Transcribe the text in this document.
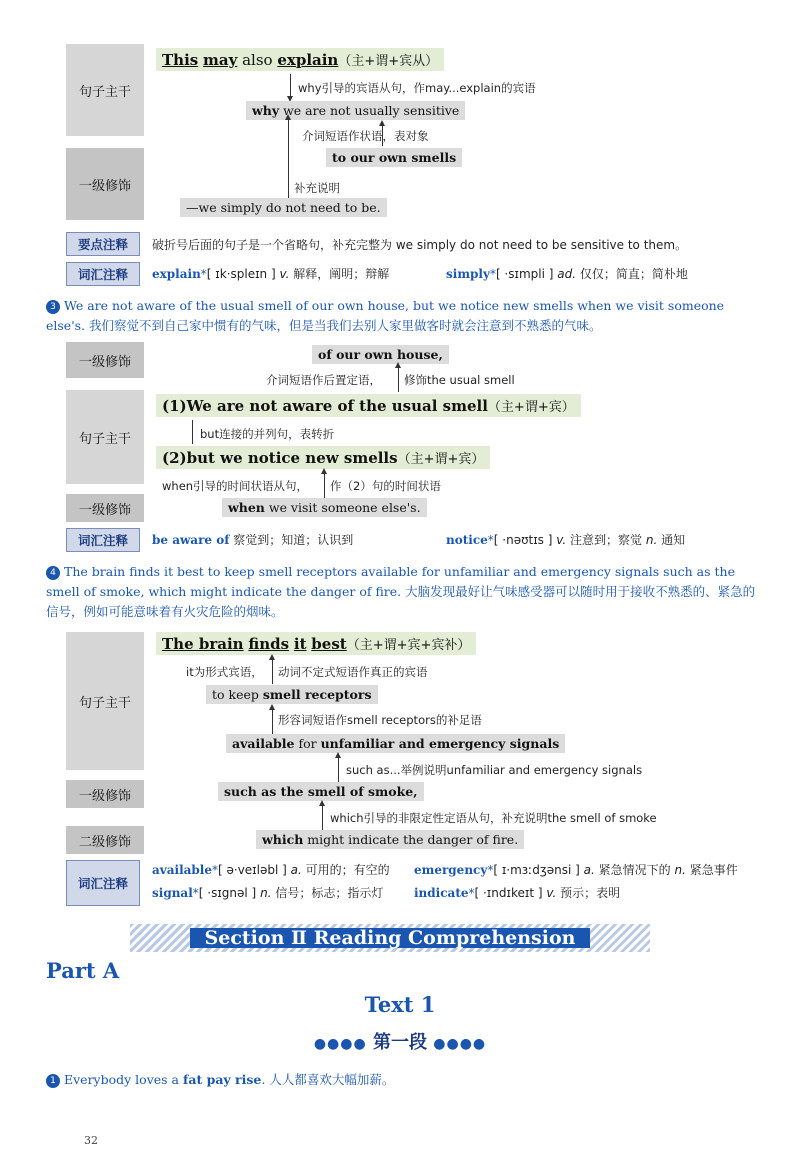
句子主干
一级修饰
This may also explain（主+谓+宾从）
why引导的宾语从句，作may...explain的宾语
why we are not usually sensitive
介词短语作状语，表对象
to our own smells
补充说明
—we simply do not need to be.
要点注释	破折号后面的句子是一个省略句，补充完整为 we simply do not need to be sensitive to them。
词汇注释	explain*[ ɪk·spleɪn ] v. 解释，阐明；辩解	simply*[ ·sɪmpli ] ad. 仅仅；简直；简朴地
3 We are not aware of the usual smell of our own house, but we notice new smells when we visit someone else's. 我们察觉不到自己家中惯有的气味，但是当我们去别人家里做客时就会注意到不熟悉的气味。
一级修饰
句子主干
一级修饰
of our own house,
介词短语作后置定语， 修饰the usual smell
(1)We are not aware of the usual smell（主+谓+宾）
but连接的并列句，表转折
(2)but we notice new smells（主+谓+宾）
when引导的时间状语从句， 作（2）句的时间状语
when we visit someone else's.
词汇注释	be aware of 察觉到；知道；认识到	notice*[ ·nəʊtɪs ] v. 注意到；察觉 n. 通知
4 The brain finds it best to keep smell receptors available for unfamiliar and emergency signals such as the smell of smoke, which might indicate the danger of fire. 大脑发现最好让气味感受器可以随时用于接收不熟悉的、紧急的信号，例如可能意味着有火灾危险的烟味。
句子主干
一级修饰
二级修饰
The brain finds it best（主+谓+宾+宾补）
it为形式宾语， 动词不定式短语作真正的宾语
to keep smell receptors
形容词短语作smell receptors的补足语
available for unfamiliar and emergency signals
such as...举例说明unfamiliar and emergency signals
such as the smell of smoke,
which引导的非限定性定语从句，补充说明the smell of smoke
which might indicate the danger of fire.
词汇注释
available*[ ə·veɪləbl ] a. 可用的；有空的 emergency*[ ɪ·mɜːdʒənsi ] a. 紧急情况下的 n. 紧急事件
signal*[ ·sɪgnəl ] n. 信号；标志；指示灯	indicate*[ ·ɪndɪkeɪt ] v. 预示；表明
Section Ⅱ Reading Comprehension
Part A
Text 1
●●●● 第一段 ●●●●
1 Everybody loves a fat pay rise. 人人都喜欢大幅加薪。
32
